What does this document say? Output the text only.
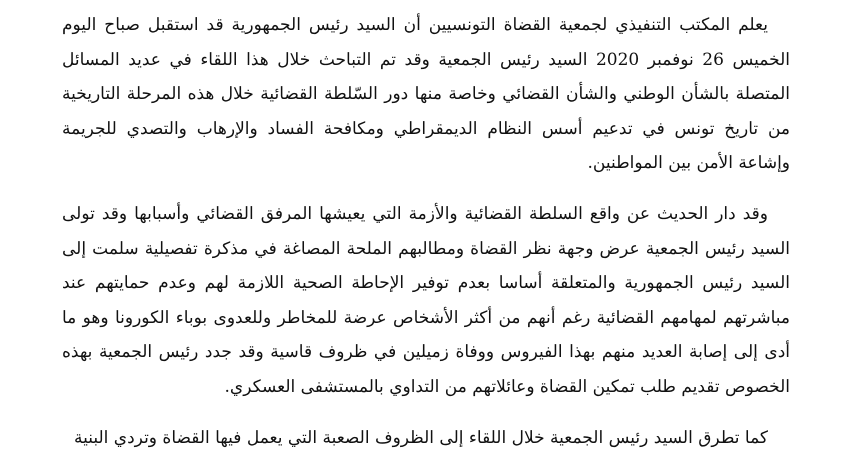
يعلم المكتب التنفيذي لجمعية القضاة التونسيين أن السيد رئيس الجمهورية قد استقبل صباح اليوم الخميس 26 نوفمبر 2020 السيد رئيس الجمعية وقد تم التباحث خلال هذا اللقاء في عديد المسائل المتصلة بالشأن الوطني والشأن القضائي وخاصة منها دور السّلطة القضائية خلال هذه المرحلة التاريخية من تاريخ تونس في تدعيم أسس النظام الديمقراطي ومكافحة الفساد والإرهاب والتصدي للجريمة وإشاعة الأمن بين المواطنين.

وقد دار الحديث عن واقع السلطة القضائية والأزمة التي يعيشها المرفق القضائي وأسبابها وقد تولى السيد رئيس الجمعية عرض وجهة نظر القضاة ومطالبهم الملحة المصاغة في مذكرة تفصيلية سلمت إلى السيد رئيس الجمهورية والمتعلقة أساسا بعدم توفير الإحاطة الصحية اللازمة لهم وعدم حمايتهم عند مباشرتهم لمهامهم القضائية رغم أنهم من أكثر الأشخاص عرضة للمخاطر وللعدوى بوباء الكورونا وهو ما أدى إلى إصابة العديد منهم بهذا الفيروس ووفاة زميلين في ظروف قاسية وقد جدد رئيس الجمعية بهذه الخصوص تقديم طلب تمكين القضاة وعائلاتهم من التداوي بالمستشفى العسكري.

كما تطرق السيد رئيس الجمعية خلال اللقاء إلى الظروف الصعبة التي يعمل فيها القضاة وتردي البنية
